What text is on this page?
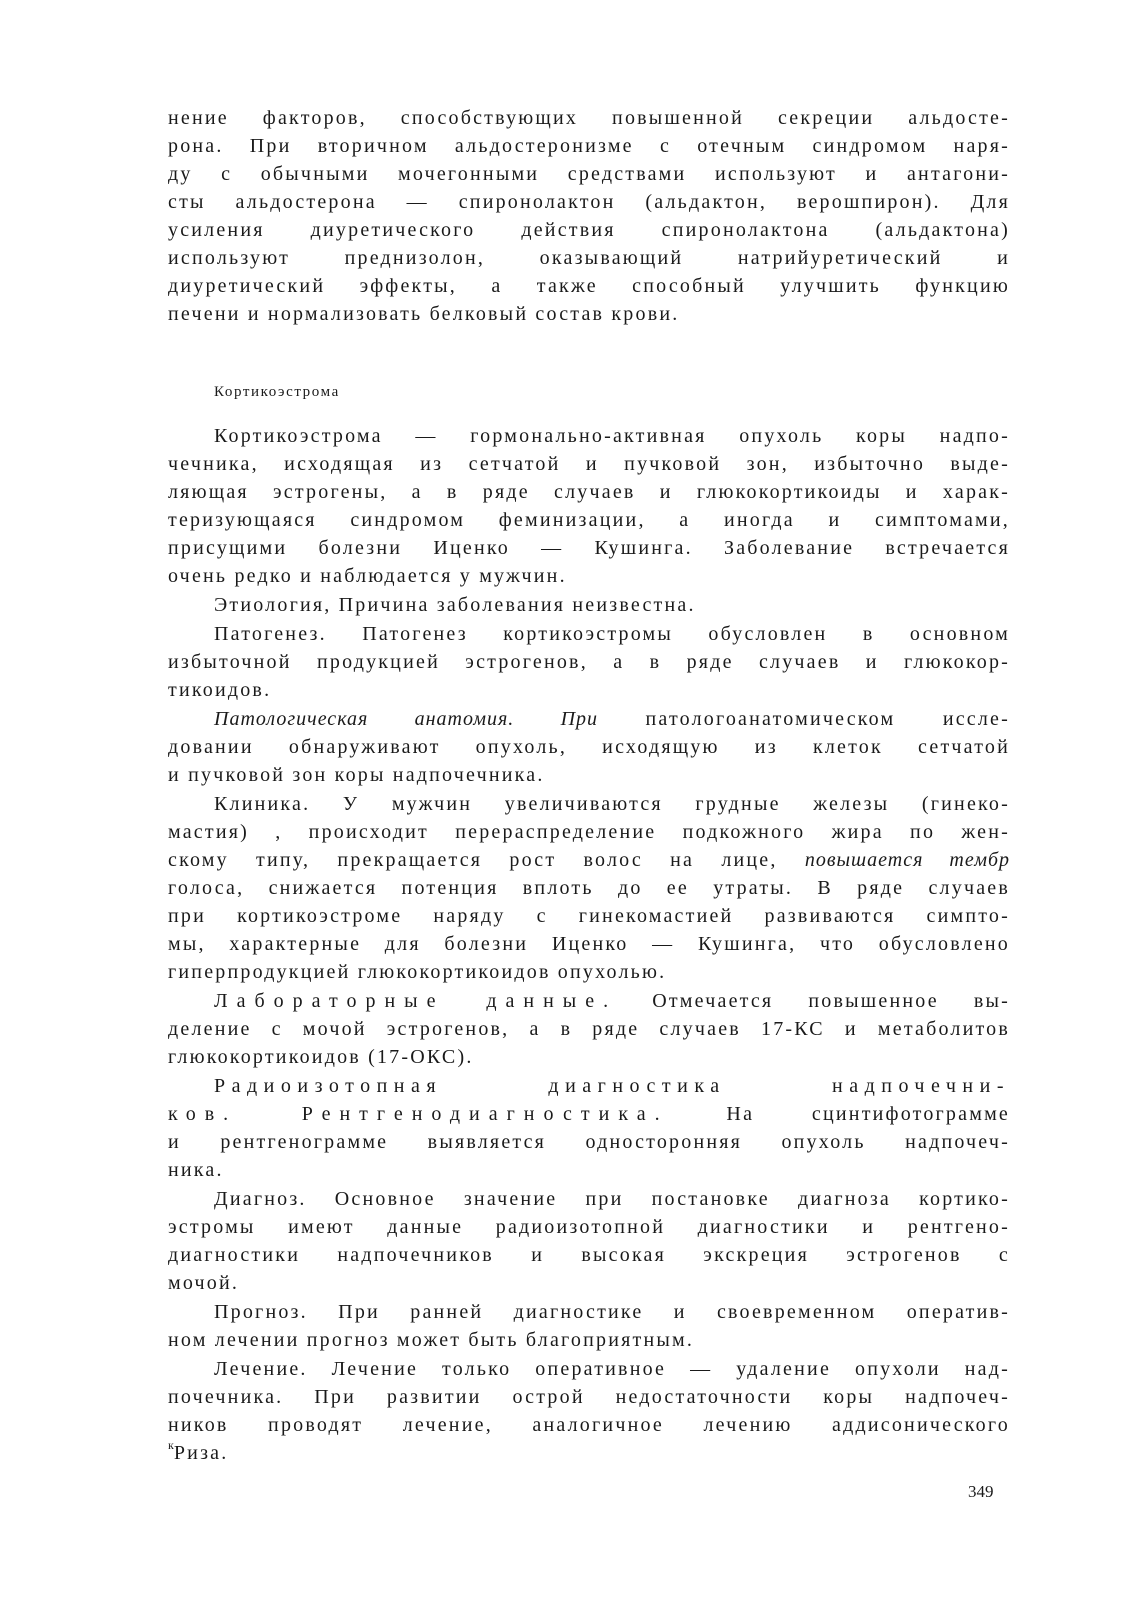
нение факторов, способствующих повышенной секреции альдосте-
рона. При вторичном альдостеронизме с отечным синдромом наря-
ду с обычными мочегонными средствами используют и антагони-
сты альдостерона — спиронолактон (альдактон, верошпирон). Для
усиления диуретического действия спиронолактона (альдактона)
используют преднизолон, оказывающий натрийуретический и
диуретический эффекты, а также способный улучшить функцию
печени и нормализовать белковый состав крови.
Кортикоэстрома
Кортикоэстрома — гормонально-активная опухоль коры надпо-
чечника, исходящая из сетчатой и пучковой зон, избыточно выде-
ляющая эстрогены, а в ряде случаев и глюкокортикоиды и харак-
теризующаяся синдромом феминизации, а иногда и симптомами,
присущими болезни Иценко — Кушинга. Заболевание встречается
очень редко и наблюдается у мужчин.
Этиология, Причина заболевания неизвестна.
Патогенез. Патогенез кортикоэстромы обусловлен в основном
избыточной продукцией эстрогенов, а в ряде случаев и глюкокор-
тикоидов.
Патологическая анатомия. При патологоанатомическом иссле-
довании обнаруживают опухоль, исходящую из клеток сетчатой
и пучковой зон коры надпочечника.
Клиника. У мужчин увеличиваются грудные железы (гинеко-
мастия) , происходит перераспределение подкожного жира по жен-
скому типу, прекращается рост волос на лице, повышается тембр
голоса, снижается потенция вплоть до ее утраты. В ряде случаев
при кортикоэстроме наряду с гинекомастией развиваются симпто-
мы, характерные для болезни Иценко — Кушинга, что обусловлено
гиперпродукцией глюкокортикоидов опухолью.
Лабораторные данные. Отмечается повышенное вы-
деление с мочой эстрогенов, а в ряде случаев 17-КС и метаболитов
глюкокортикоидов (17-ОКС).
Радиоизотопная диагностика надпочечни-
ков. Рентгенодиагностика.	На сцинтифотограмме
и рентгенограмме выявляется односторонняя опухоль надпочеч-
ника.
Диагноз. Основное значение при постановке диагноза кортико-
эстромы имеют данные радиоизотопной диагностики и рентгено-
диагностики надпочечников и высокая экскреция эстрогенов с
мочой.
Прогноз. При ранней диагностике и своевременном оператив-
ном лечении прогноз может быть благоприятным.
Лечение. Лечение только оперативное — удаление опухоли над-
почечника. При развитии острой недостаточности коры надпочеч-
ников проводят лечение, аналогичное лечению аддисонического
$^к$Риза.
349
